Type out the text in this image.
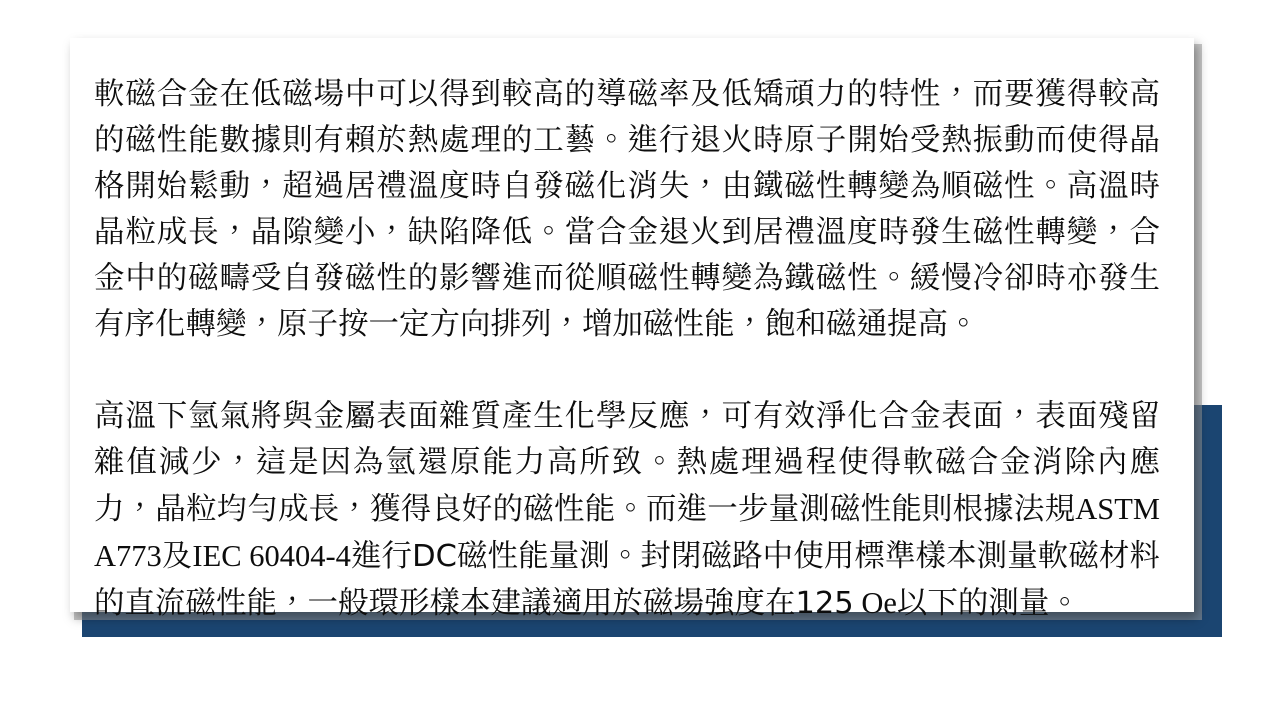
軟磁合金在低磁場中可以得到較高的導磁率及低矯頑力的特性，而要獲得較高的磁性能數據則有賴於熱處理的工藝。進行退火時原子開始受熱振動而使得晶格開始鬆動，超過居禮溫度時自發磁化消失，由鐵磁性轉變為順磁性。高溫時晶粒成長，晶隙變小，缺陷降低。當合金退火到居禮溫度時發生磁性轉變，合金中的磁疇受自發磁性的影響進而從順磁性轉變為鐵磁性。緩慢冷卻時亦發生有序化轉變，原子按一定方向排列，增加磁性能，飽和磁通提高。

高溫下氫氣將與金屬表面雜質產生化學反應，可有效淨化合金表面，表面殘留雜值減少，這是因為氫還原能力高所致。熱處理過程使得軟磁合金消除內應力，晶粒均勻成長，獲得良好的磁性能。而進一步量測磁性能則根據法規ASTM A773及IEC 60404-4進行DC磁性能量測。封閉磁路中使用標準樣本測量軟磁材料的直流磁性能，一般環形樣本建議適用於磁場強度在125 Oe以下的測量。
